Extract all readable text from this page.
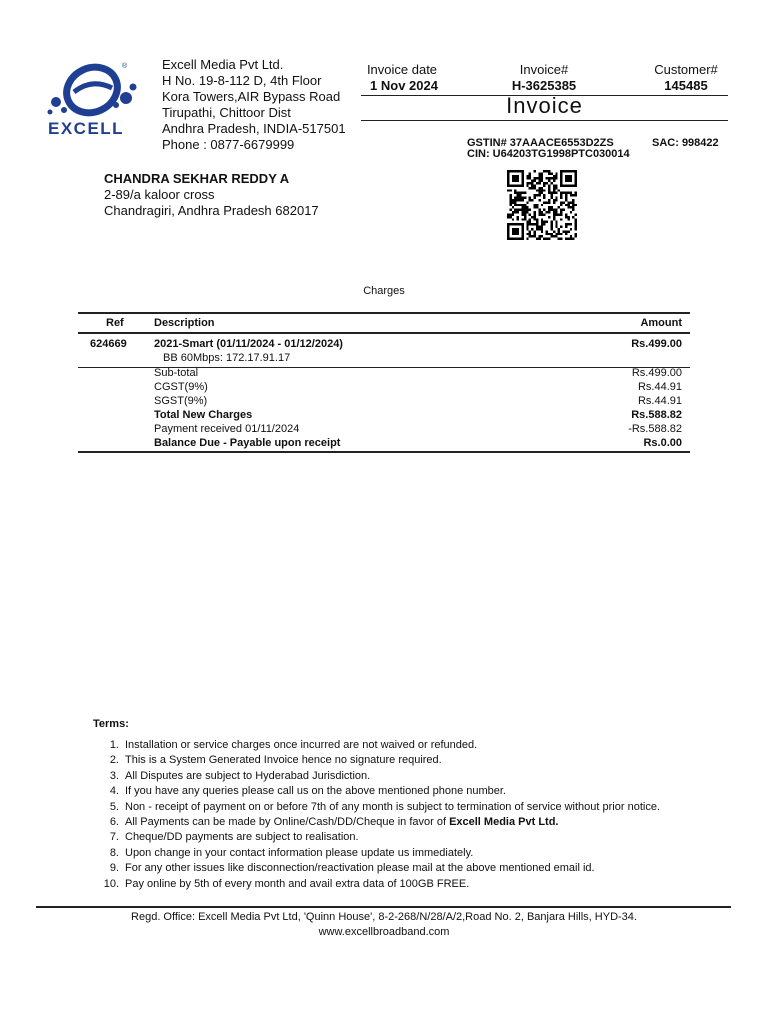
®
EXCELL
Excell Media Pvt Ltd.
H No. 19-8-112 D, 4th Floor
Kora Towers,AIR Bypass Road
Tirupathi, Chittoor Dist
Andhra Pradesh, INDIA-517501
Phone : 0877-6679999
Invoice date
1 Nov 2024
Invoice#
H-3625385
Customer#
145485
Invoice
GSTIN# 37AAACE6553D2ZS	SAC: 998422
CIN: U64203TG1998PTC030014
CHANDRA SEKHAR REDDY A
2-89/a kaloor cross
Chandragiri, Andhra Pradesh 682017
Charges
Ref	Description	Amount
624669 2021-Smart (01/11/2024 - 01/12/2024)	Rs.499.00
BB 60Mbps: 172.17.91.17
Sub-total	Rs.499.00
CGST(9%)	Rs.44.91
SGST(9%)	Rs.44.91
Total New Charges	Rs.588.82
Payment received 01/11/2024	-Rs.588.82
Balance Due - Payable upon receipt	Rs.0.00
Terms:
1. Installation or service charges once incurred are not waived or refunded.
2. This is a System Generated Invoice hence no signature required.
3. All Disputes are subject to Hyderabad Jurisdiction.
4. If you have any queries please call us on the above mentioned phone number.
5. Non - receipt of payment on or before 7th of any month is subject to termination of service without prior notice.
6. All Payments can be made by Online/Cash/DD/Cheque in favor of Excell Media Pvt Ltd.
7. Cheque/DD payments are subject to realisation.
8. Upon change in your contact information please update us immediately.
9. For any other issues like disconnection/reactivation please mail at the above mentioned email id.
10. Pay online by 5th of every month and avail extra data of 100GB FREE.
Regd. Office: Excell Media Pvt Ltd, 'Quinn House', 8-2-268/N/28/A/2,Road No. 2, Banjara Hills, HYD-34.
www.excellbroadband.com
